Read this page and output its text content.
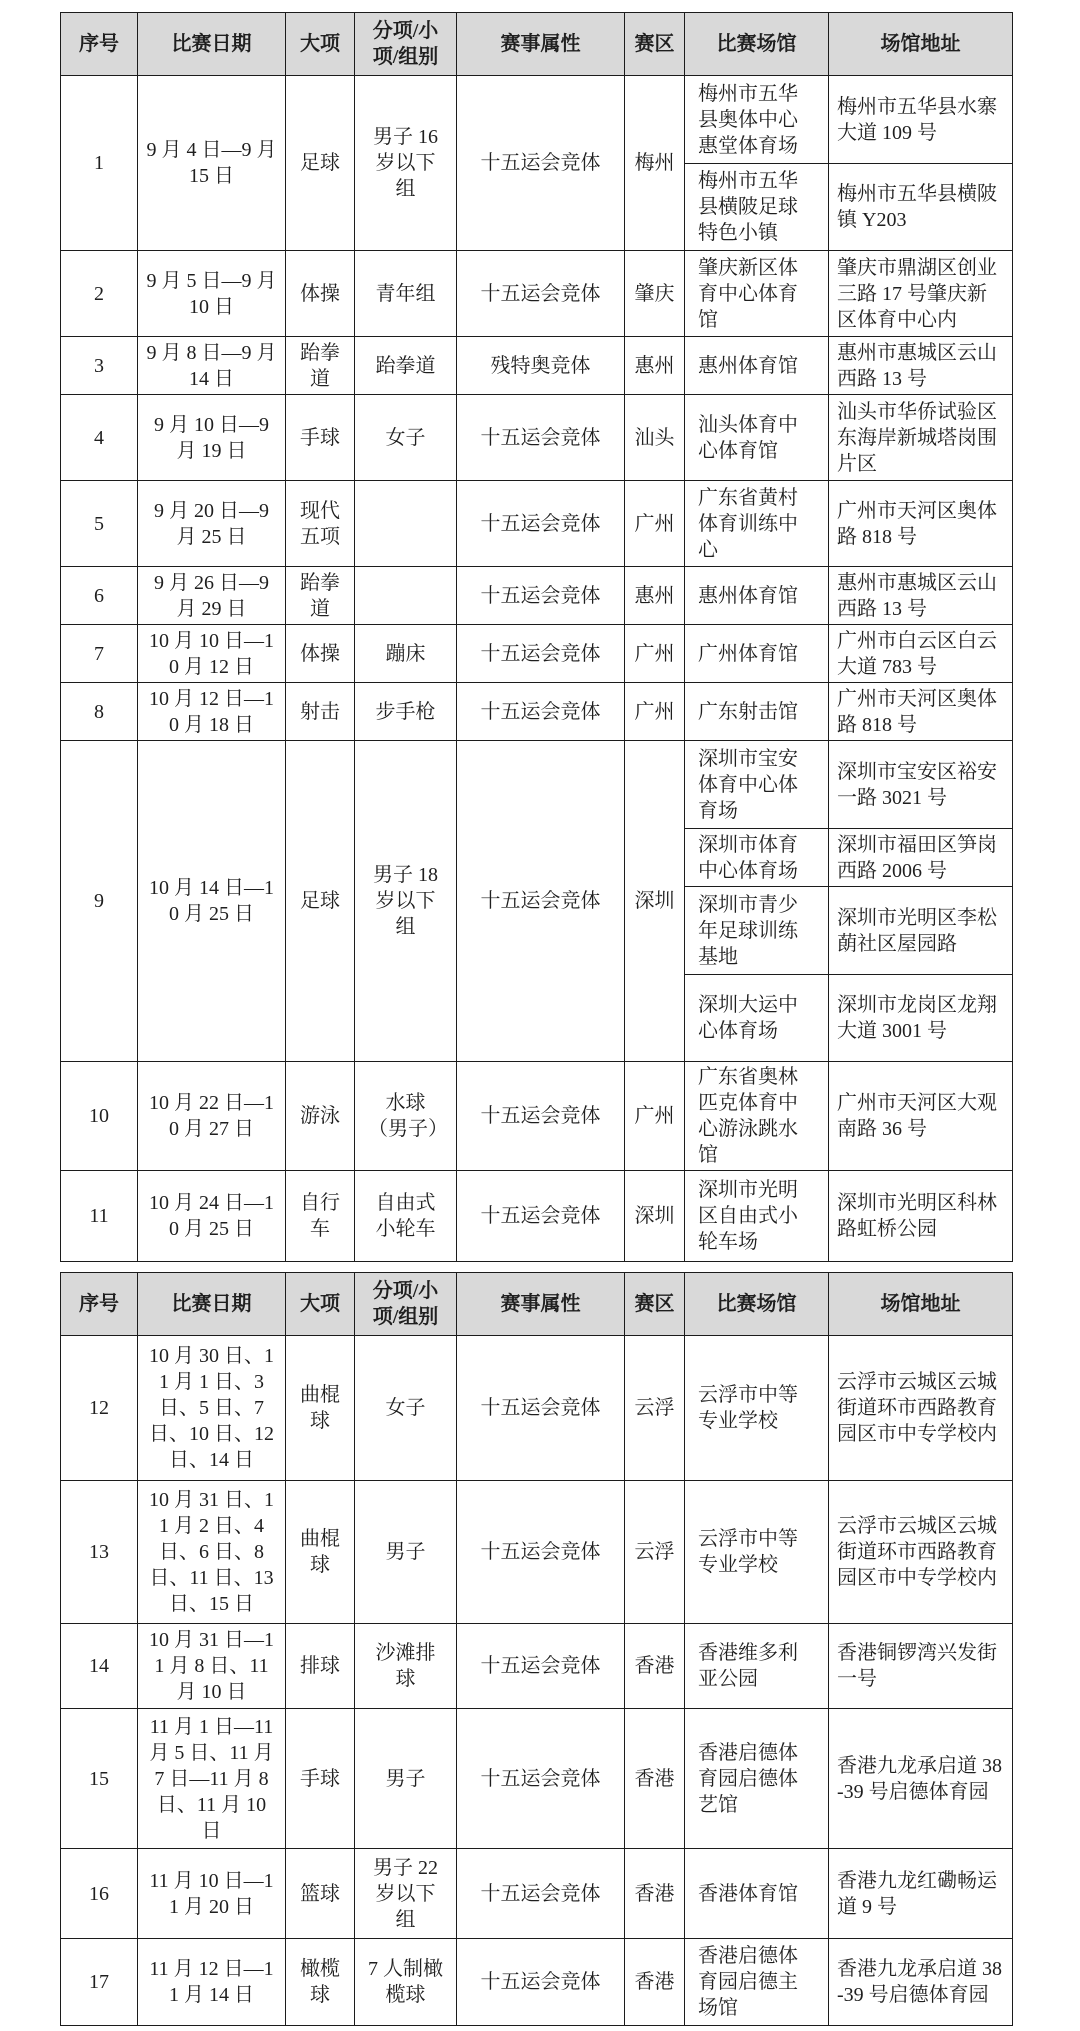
序号	比赛日期	大项	分项/小项/组别	赛事属性	赛区	比赛场馆	场馆地址
1	9 月 4 日—9 月 15 日	足球	男子 16 岁以下组	十五运会竞体	梅州	梅州市五华县奥体中心惠堂体育场	梅州市五华县水寨大道 109 号
						梅州市五华县横陂足球特色小镇	梅州市五华县横陂镇 Y203
2	9 月 5 日—9 月 10 日	体操	青年组	十五运会竞体	肇庆	肇庆新区体育中心体育馆	肇庆市鼎湖区创业三路 17 号肇庆新区体育中心内
3	9 月 8 日—9 月 14 日	跆拳道	跆拳道	残特奥竞体	惠州	惠州体育馆	惠州市惠城区云山西路 13 号
4	9 月 10 日—9 月 19 日	手球	女子	十五运会竞体	汕头	汕头体育中心体育馆	汕头市华侨试验区东海岸新城塔岗围片区
5	9 月 20 日—9 月 25 日	现代五项		十五运会竞体	广州	广东省黄村体育训练中心	广州市天河区奥体路 818 号
6	9 月 26 日—9 月 29 日	跆拳道		十五运会竞体	惠州	惠州体育馆	惠州市惠城区云山西路 13 号
7	10 月 10 日—10 月 12 日	体操	蹦床	十五运会竞体	广州	广州体育馆	广州市白云区白云大道 783 号
8	10 月 12 日—10 月 18 日	射击	步手枪	十五运会竞体	广州	广东射击馆	广州市天河区奥体路 818 号
9	10 月 14 日—10 月 25 日	足球	男子 18 岁以下组	十五运会竞体	深圳	深圳市宝安体育中心体育场	深圳市宝安区裕安一路 3021 号
						深圳市体育中心体育场	深圳市福田区笋岗西路 2006 号
						深圳市青少年足球训练基地	深圳市光明区李松蓢社区屋园路
						深圳大运中心体育场	深圳市龙岗区龙翔大道 3001 号
10	10 月 22 日—10 月 27 日	游泳	水球（男子）	十五运会竞体	广州	广东省奥林匹克体育中心游泳跳水馆	广州市天河区大观南路 36 号
11	10 月 24 日—10 月 25 日	自行车	自由式小轮车	十五运会竞体	深圳	深圳市光明区自由式小轮车场	深圳市光明区科林路虹桥公园
序号	比赛日期	大项	分项/小项/组别	赛事属性	赛区	比赛场馆	场馆地址
12	10 月 30 日、11 月 1 日、3 日、5 日、7 日、10 日、12 日、14 日	曲棍球	女子	十五运会竞体	云浮	云浮市中等专业学校	云浮市云城区云城街道环市西路教育园区市中专学校内
13	10 月 31 日、11 月 2 日、4 日、6 日、8 日、11 日、13 日、15 日	曲棍球	男子	十五运会竞体	云浮	云浮市中等专业学校	云浮市云城区云城街道环市西路教育园区市中专学校内
14	10 月 31 日—11 月 8 日、11 月 10 日	排球	沙滩排球	十五运会竞体	香港	香港维多利亚公园	香港铜锣湾兴发街一号
15	11 月 1 日—11 月 5 日、11 月 7 日—11 月 8 日、11 月 10 日	手球	男子	十五运会竞体	香港	香港启德体育园启德体艺馆	香港九龙承启道 38-39 号启德体育园
16	11 月 10 日—11 月 20 日	篮球	男子 22 岁以下组	十五运会竞体	香港	香港体育馆	香港九龙红磡畅运道 9 号
17	11 月 12 日—11 月 14 日	橄榄球	7 人制橄榄球	十五运会竞体	香港	香港启德体育园启德主场馆	香港九龙承启道 38-39 号启德体育园
